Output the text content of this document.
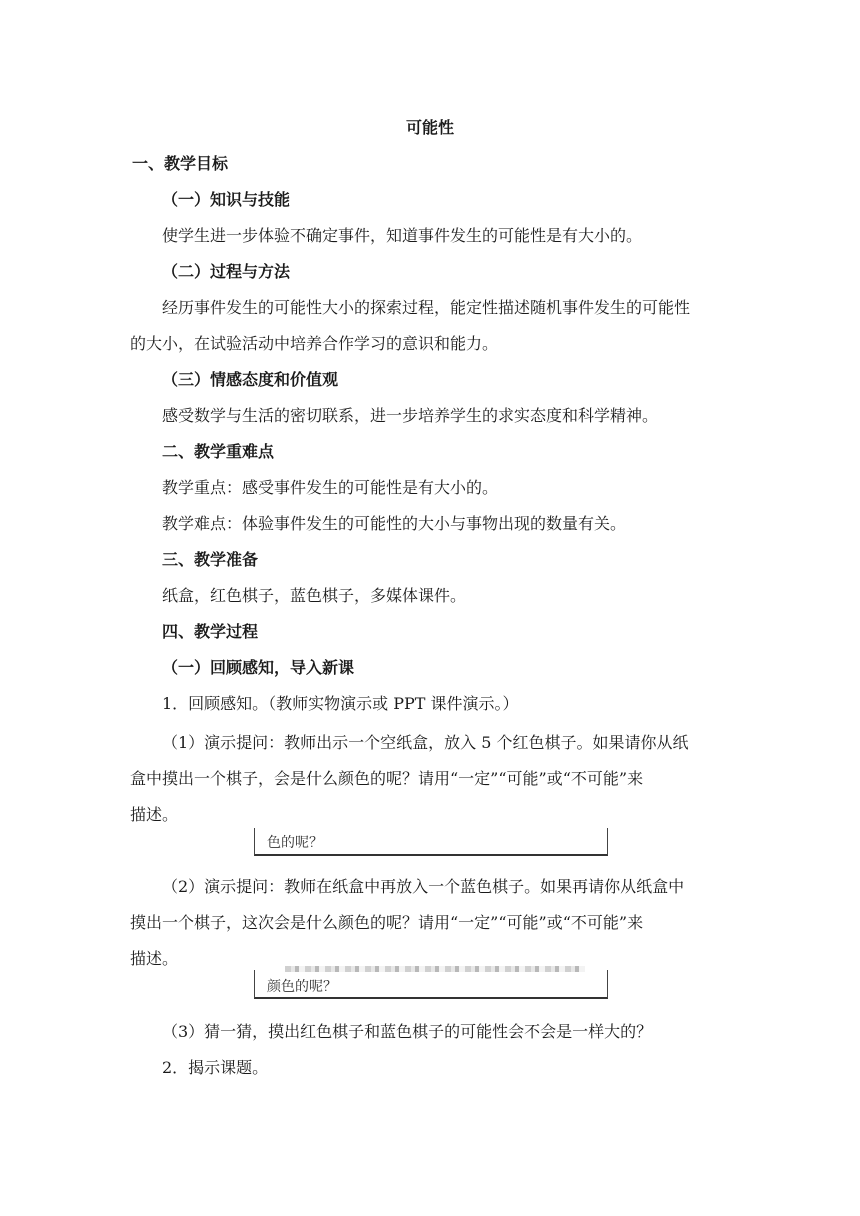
可能性
一、教学目标
（一）知识与技能
使学生进一步体验不确定事件，知道事件发生的可能性是有大小的。
（二）过程与方法
经历事件发生的可能性大小的探索过程，能定性描述随机事件发生的可能性
的大小，在试验活动中培养合作学习的意识和能力。
（三）情感态度和价值观
感受数学与生活的密切联系，进一步培养学生的求实态度和科学精神。
二、教学重难点
教学重点：感受事件发生的可能性是有大小的。
教学难点：体验事件发生的可能性的大小与事物出现的数量有关。
三、教学准备
纸盒，红色棋子，蓝色棋子，多媒体课件。
四、教学过程
（一）回顾感知，导入新课
1．回顾感知。（教师实物演示或 PPT 课件演示。）
（1）演示提问：教师出示一个空纸盒，放入 5 个红色棋子。如果请你从纸
盒中摸出一个棋子，会是什么颜色的呢？请用“一定”“可能”或“不可能”来
描述。
色的呢？
（2）演示提问：教师在纸盒中再放入一个蓝色棋子。如果再请你从纸盒中
摸出一个棋子，这次会是什么颜色的呢？请用“一定”“可能”或“不可能”来
描述。
颜色的呢？
（3）猜一猜，摸出红色棋子和蓝色棋子的可能性会不会是一样大的？
2．揭示课题。
